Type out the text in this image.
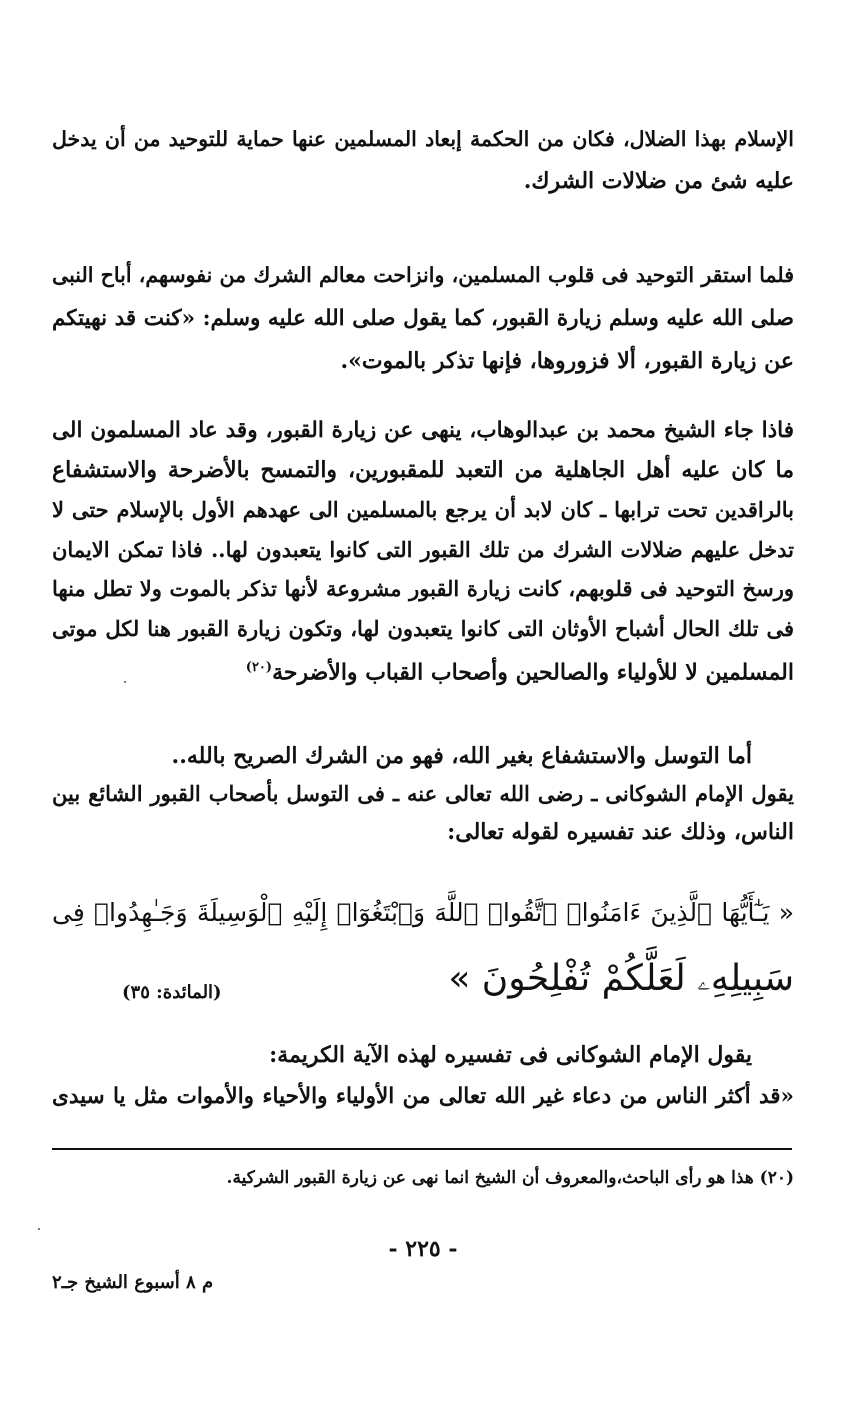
الإسلام بهذا الضلال، فكان من الحكمة إبعاد المسلمين عنها حماية للتوحيد من أن يدخل
عليه شئ من ضلالات الشرك.
فلما استقر التوحيد فى قلوب المسلمين، وانزاحت معالم الشرك من نفوسهم، أباح النبى
صلى الله عليه وسلم زيارة القبور، كما يقول صلى الله عليه وسلم: «كنت قد نهيتكم
عن زيارة القبور، ألا فزوروها، فإنها تذكر بالموت».
فاذا جاء الشيخ محمد بن عبدالوهاب، ينهى عن زيارة القبور، وقد عاد المسلمون الى
ما كان عليه أهل الجاهلية من التعبد للمقبورين، والتمسح بالأضرحة والاستشفاع
بالراقدين تحت ترابها ـ كان لابد أن يرجع بالمسلمين الى عهدهم الأول بالإسلام حتى لا
تدخل عليهم ضلالات الشرك من تلك القبور التى كانوا يتعبدون لها.. فاذا تمكن الايمان
ورسخ التوحيد فى قلوبهم، كانت زيارة القبور مشروعة لأنها تذكر بالموت ولا تطل منها
فى تلك الحال أشباح الأوثان التى كانوا يتعبدون لها، وتكون زيارة القبور هنا لكل موتى
المسلمين لا للأولياء والصالحين وأصحاب القباب والأضرحة$^{(٢٠)}$
أما التوسل والاستشفاع بغير الله، فهو من الشرك الصريح بالله..
يقول الإمام الشوكانى ـ رضى الله تعالى عنه ـ فى التوسل بأصحاب القبور الشائع بين
الناس، وذلك عند تفسيره لقوله تعالى:
« يَـٰٓأَيُّهَا ٱلَّذِينَ ءَامَنُوا۟ ٱتَّقُوا۟ ٱللَّهَ وَٱبْتَغُوٓا۟ إِلَيْهِ ٱلْوَسِيلَةَ وَجَـٰهِدُوا۟ فِى
سَبِيلِهِۦ لَعَلَّكُمْ تُفْلِحُونَ »
(المائدة: ٣٥)
يقول الإمام الشوكانى فى تفسيره لهذه الآية الكريمة:
«قد أكثر الناس من دعاء غير الله تعالى من الأولياء والأحياء والأموات مثل يا سيدى
(٢٠) هذا هو رأى الباحث،والمعروف أن الشيخ انما نهى عن زيارة القبور الشركية.
- ٢٢٥ -
م ٨ أسبوع الشيخ جـ٢
